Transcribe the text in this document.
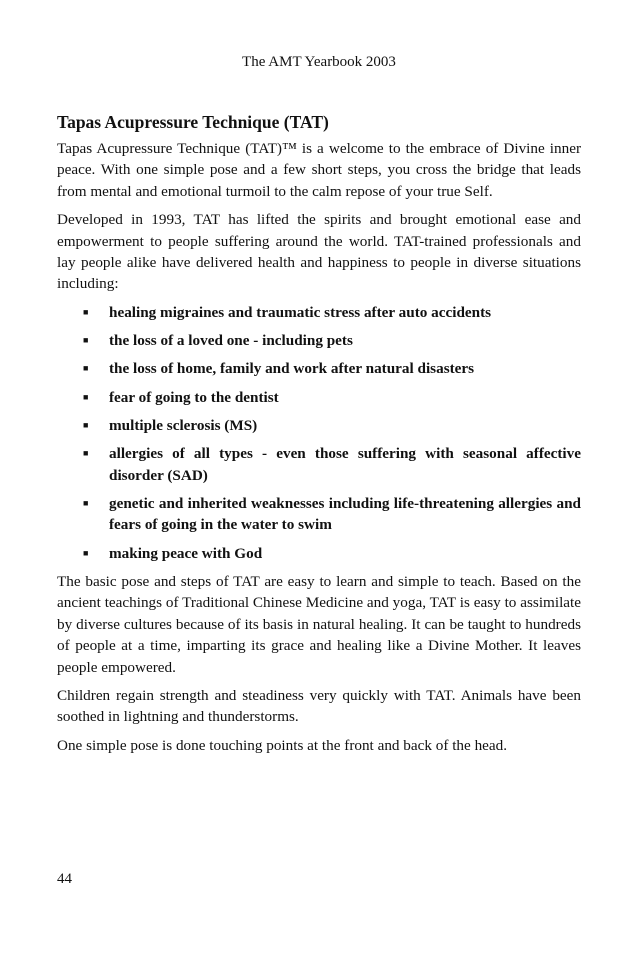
The AMT Yearbook 2003
Tapas Acupressure Technique (TAT)

Tapas Acupressure Technique (TAT)™ is a welcome to the embrace of Divine inner peace. With one simple pose and a few short steps, you cross the bridge that leads from mental and emotional turmoil to the calm repose of your true Self.

Developed in 1993, TAT has lifted the spirits and brought emotional ease and empowerment to people suffering around the world. TAT-trained professionals and lay people alike have delivered health and happiness to people in diverse situations including:

■ healing migraines and traumatic stress after auto accidents
■ the loss of a loved one - including pets
■ the loss of home, family and work after natural disasters
■ fear of going to the dentist
■ multiple sclerosis (MS)
■ allergies of all types - even those suffering with seasonal affective disorder (SAD)
■ genetic and inherited weaknesses including life-threatening allergies and fears of going in the water to swim
■ making peace with God

The basic pose and steps of TAT are easy to learn and simple to teach. Based on the ancient teachings of Traditional Chinese Medicine and yoga, TAT is easy to assimilate by diverse cultures because of its basis in natural healing. It can be taught to hundreds of people at a time, imparting its grace and healing like a Divine Mother. It leaves people empowered.

Children regain strength and steadiness very quickly with TAT. Animals have been soothed in lightning and thunderstorms.

One simple pose is done touching points at the front and back of the head.

44
